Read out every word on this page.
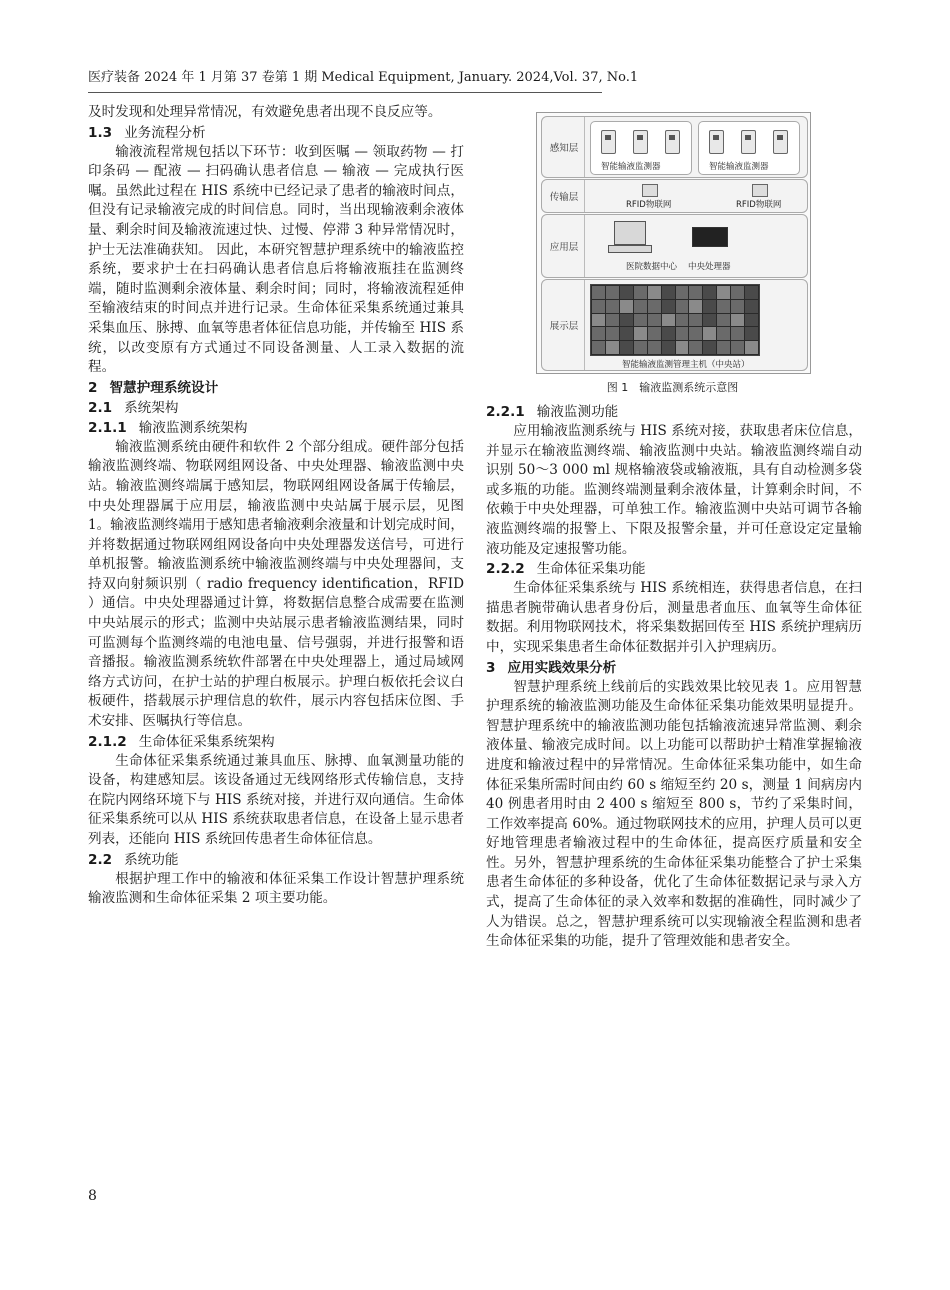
医疗装备 2024 年 1 月第 37 卷第 1 期 Medical Equipment, January. 2024,Vol. 37, No.1

及时发现和处理异常情况，有效避免患者出现不良反应等。

1.3 业务流程分析

输液流程常规包括以下环节：收到医嘱 — 领取药物 — 打印条码 — 配液 — 扫码确认患者信息 — 输液 — 完成执行医嘱。虽然此过程在 HIS 系统中已经记录了患者的输液时间点，但没有记录输液完成的时间信息。同时，当出现输液剩余液体量、剩余时间及输液流速过快、过慢、停滞 3 种异常情况时，护士无法准确获知。 因此，本研究智慧护理系统中的输液监控系统，要求护士在扫码确认患者信息后将输液瓶挂在监测终端，随时监测剩余液体量、剩余时间；同时，将输液流程延伸至输液结束的时间点并进行记录。生命体征采集系统通过兼具采集血压、脉搏、血氧等患者体征信息功能，并传输至 HIS 系统，以改变原有方式通过不同设备测量、人工录入数据的流程。

2 智慧护理系统设计
2.1 系统架构
2.1.1 输液监测系统架构

输液监测系统由硬件和软件 2 个部分组成。硬件部分包括输液监测终端、物联网组网设备、中央处理器、输液监测中央站。输液监测终端属于感知层，物联网组网设备属于传输层，中央处理器属于应用层，输液监测中央站属于展示层，见图 1。输液监测终端用于感知患者输液剩余液量和计划完成时间，并将数据通过物联网组网设备向中央处理器发送信号，可进行单机报警。输液监测系统中输液监测终端与中央处理器间，支持双向射频识别（ radio frequency identification，RFID ）通信。中央处理器通过计算，将数据信息整合成需要在监测中央站展示的形式；监测中央站展示患者输液监测结果，同时可监测每个监测终端的电池电量、信号强弱，并进行报警和语音播报。输液监测系统软件部署在中央处理器上，通过局域网络方式访问，在护士站的护理白板展示。护理白板依托会议白板硬件，搭载展示护理信息的软件，展示内容包括床位图、手术安排、医嘱执行等信息。

2.1.2 生命体征采集系统架构

生命体征采集系统通过兼具血压、脉搏、血氧测量功能的设备，构建感知层。该设备通过无线网络形式传输信息，支持在院内网络环境下与 HIS 系统对接，并进行双向通信。生命体征采集系统可以从 HIS 系统获取患者信息，在设备上显示患者列表，还能向 HIS 系统回传患者生命体征信息。

2.2 系统功能

根据护理工作中的输液和体征采集工作设计智慧护理系统输液监测和生命体征采集 2 项主要功能。

8
感知层
智能输液监测器	智能输液监测器
传输层
RFID物联网	RFID物联网
应用层
医院数据中心 中央处理器
展示层
智能输液监测管理主机（中央站）
图 1　输液监测系统示意图
2.2.1 输液监测功能

应用输液监测系统与 HIS 系统对接，获取患者床位信息，并显示在输液监测终端、输液监测中央站。输液监测终端自动识别 50～3 000 ml 规格输液袋或输液瓶，具有自动检测多袋或多瓶的功能。监测终端测量剩余液体量，计算剩余时间，不依赖于中央处理器，可单独工作。输液监测中央站可调节各输液监测终端的报警上、下限及报警余量，并可任意设定定量输液功能及定速报警功能。

2.2.2 生命体征采集功能

生命体征采集系统与 HIS 系统相连，获得患者信息，在扫描患者腕带确认患者身份后，测量患者血压、血氧等生命体征数据。利用物联网技术，将采集数据回传至 HIS 系统护理病历中，实现采集患者生命体征数据并引入护理病历。

3 应用实践效果分析

智慧护理系统上线前后的实践效果比较见表 1。应用智慧护理系统的输液监测功能及生命体征采集功能效果明显提升。智慧护理系统中的输液监测功能包括输液流速异常监测、剩余液体量、输液完成时间。以上功能可以帮助护士精准掌握输液进度和输液过程中的异常情况。生命体征采集功能中，如生命体征采集所需时间由约 60 s 缩短至约 20 s，测量 1 间病房内 40 例患者用时由 2 400 s 缩短至 800 s，节约了采集时间，工作效率提高 60%。通过物联网技术的应用，护理人员可以更好地管理患者输液过程中的生命体征，提高医疗质量和安全性。另外，智慧护理系统的生命体征采集功能整合了护士采集患者生命体征的多种设备，优化了生命体征数据记录与录入方式，提高了生命体征的录入效率和数据的准确性，同时减少了人为错误。总之，智慧护理系统可以实现输液全程监测和患者生命体征采集的功能，提升了管理效能和患者安全。
